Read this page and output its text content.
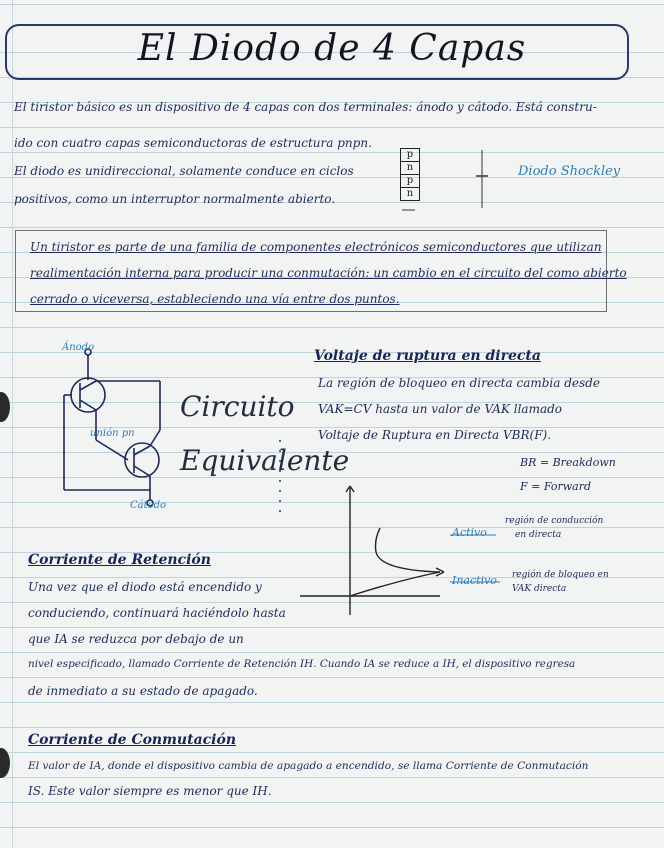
El Diodo de 4 Capas
El tiristor básico es un dispositivo de 4 capas con dos terminales: ánodo y cátodo. Está constru-
ido con cuatro capas semiconductoras de estructura pnpn.
El diodo es unidireccional, solamente conduce en ciclos
positivos, como un interruptor normalmente abierto.
p
n
p
n
Diodo Shockley
Un tiristor es parte de una familia de componentes electrónicos semiconductores que utilizan
realimentación interna para producir una conmutación: un cambio en el circuito del como abierto
cerrado o viceversa, estableciendo una vía entre dos puntos.
Ánodo
unión pn
Cátodo
Circuito
Equivalente
Voltaje de ruptura en directa
La región de bloqueo en directa cambia desde
VAK=CV hasta un valor de VAK llamado
Voltaje de Ruptura en Directa VBR(F).
BR = Breakdown
F = Forward
Activo
Inactivo
región de conducción
en directa
región de bloqueo en
VAK directa
Corriente de Retención
Una vez que el diodo está encendido y
conduciendo, continuará haciéndolo hasta
que IA se reduzca por debajo de un
nivel especificado, llamado Corriente de Retención IH. Cuando IA se reduce a IH, el dispositivo regresa
de inmediato a su estado de apagado.
Corriente de Conmutación
El valor de IA, donde el dispositivo cambia de apagado a encendido, se llama Corriente de Conmutación
IS. Este valor siempre es menor que IH.
